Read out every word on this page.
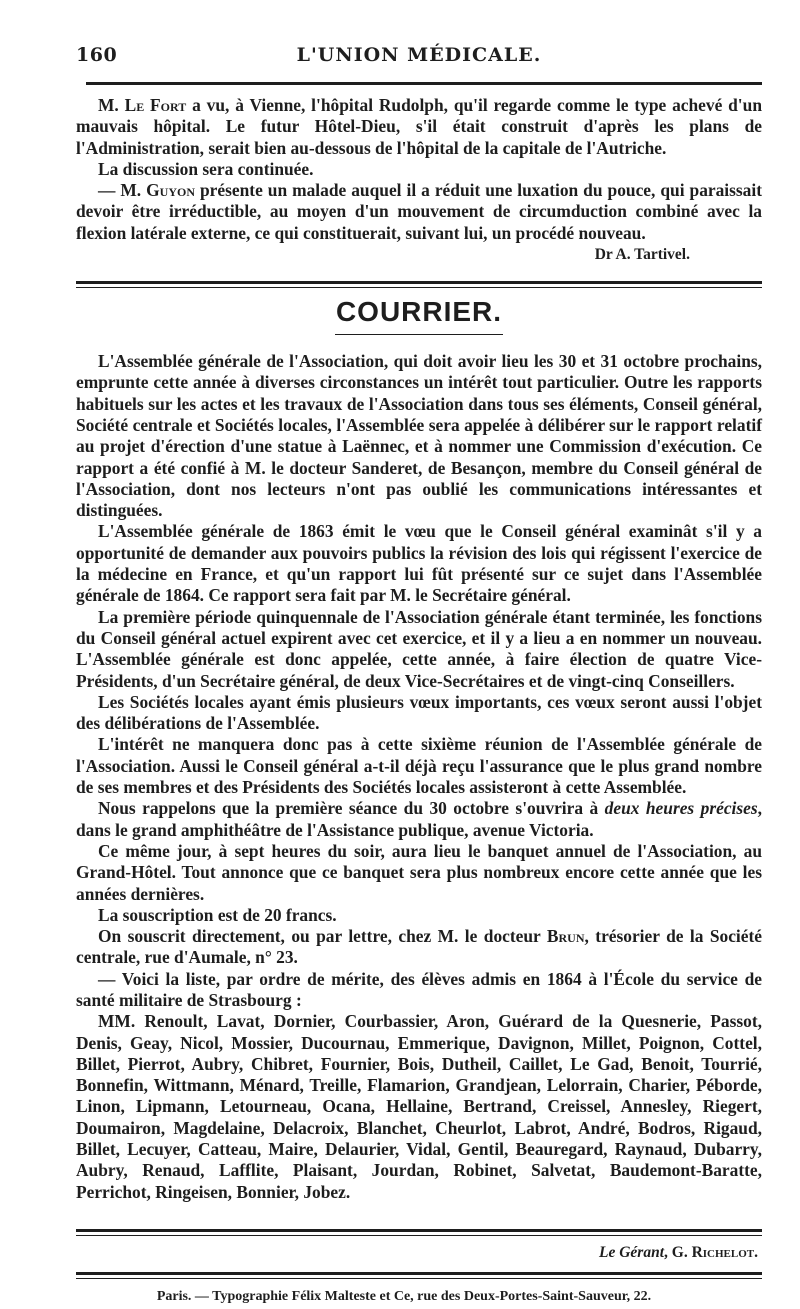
160	L'UNION MÉDICALE.

M. Le Fort a vu, à Vienne, l'hôpital Rudolph, qu'il regarde comme le type achevé d'un mauvais hôpital. Le futur Hôtel-Dieu, s'il était construit d'après les plans de l'Administration, serait bien au-dessous de l'hôpital de la capitale de l'Autriche.

La discussion sera continuée.

— M. Guyon présente un malade auquel il a réduit une luxation du pouce, qui paraissait devoir être irréductible, au moyen d'un mouvement de circumduction combiné avec la flexion latérale externe, ce qui constituerait, suivant lui, un procédé nouveau.

Dr A. Tartivel.
COURRIER.

L'Assemblée générale de l'Association, qui doit avoir lieu les 30 et 31 octobre prochains, emprunte cette année à diverses circonstances un intérêt tout particulier. Outre les rapports habituels sur les actes et les travaux de l'Association dans tous ses éléments, Conseil général, Société centrale et Sociétés locales, l'Assemblée sera appelée à délibérer sur le rapport relatif au projet d'érection d'une statue à Laënnec, et à nommer une Commission d'exécution. Ce rapport a été confié à M. le docteur Sanderet, de Besançon, membre du Conseil général de l'Association, dont nos lecteurs n'ont pas oublié les communications intéressantes et distinguées.

L'Assemblée générale de 1863 émit le vœu que le Conseil général examinât s'il y a opportunité de demander aux pouvoirs publics la révision des lois qui régissent l'exercice de la médecine en France, et qu'un rapport lui fût présenté sur ce sujet dans l'Assemblée générale de 1864. Ce rapport sera fait par M. le Secrétaire général.

La première période quinquennale de l'Association générale étant terminée, les fonctions du Conseil général actuel expirent avec cet exercice, et il y a lieu a en nommer un nouveau. L'Assemblée générale est donc appelée, cette année, à faire élection de quatre Vice-Présidents, d'un Secrétaire général, de deux Vice-Secrétaires et de vingt-cinq Conseillers.

Les Sociétés locales ayant émis plusieurs vœux importants, ces vœux seront aussi l'objet des délibérations de l'Assemblée.

L'intérêt ne manquera donc pas à cette sixième réunion de l'Assemblée générale de l'Association. Aussi le Conseil général a-t-il déjà reçu l'assurance que le plus grand nombre de ses membres et des Présidents des Sociétés locales assisteront à cette Assemblée.

Nous rappelons que la première séance du 30 octobre s'ouvrira à deux heures précises, dans le grand amphithéâtre de l'Assistance publique, avenue Victoria.

Ce même jour, à sept heures du soir, aura lieu le banquet annuel de l'Association, au Grand-Hôtel. Tout annonce que ce banquet sera plus nombreux encore cette année que les années dernières.

La souscription est de 20 francs.

On souscrit directement, ou par lettre, chez M. le docteur Brun, trésorier de la Société centrale, rue d'Aumale, n° 23.

— Voici la liste, par ordre de mérite, des élèves admis en 1864 à l'École du service de santé militaire de Strasbourg :

MM. Renoult, Lavat, Dornier, Courbassier, Aron, Guérard de la Quesnerie, Passot, Denis, Geay, Nicol, Mossier, Ducournau, Emmerique, Davignon, Millet, Poignon, Cottel, Billet, Pierrot, Aubry, Chibret, Fournier, Bois, Dutheil, Caillet, Le Gad, Benoit, Tourrié, Bonnefin, Wittmann, Ménard, Treille, Flamarion, Grandjean, Lelorrain, Charier, Péborde, Linon, Lipmann, Letourneau, Ocana, Hellaine, Bertrand, Creissel, Annesley, Riegert, Doumairon, Magdelaine, Delacroix, Blanchet, Cheurlot, Labrot, André, Bodros, Rigaud, Billet, Lecuyer, Catteau, Maire, Delaurier, Vidal, Gentil, Beauregard, Raynaud, Dubarry, Aubry, Renaud, Lafflite, Plaisant, Jourdan, Robinet, Salvetat, Baudemont-Baratte, Perrichot, Ringeisen, Bonnier, Jobez.

Le Gérant, G. Richelot.
Paris. — Typographie Félix Malteste et Ce, rue des Deux-Portes-Saint-Sauveur, 22.
